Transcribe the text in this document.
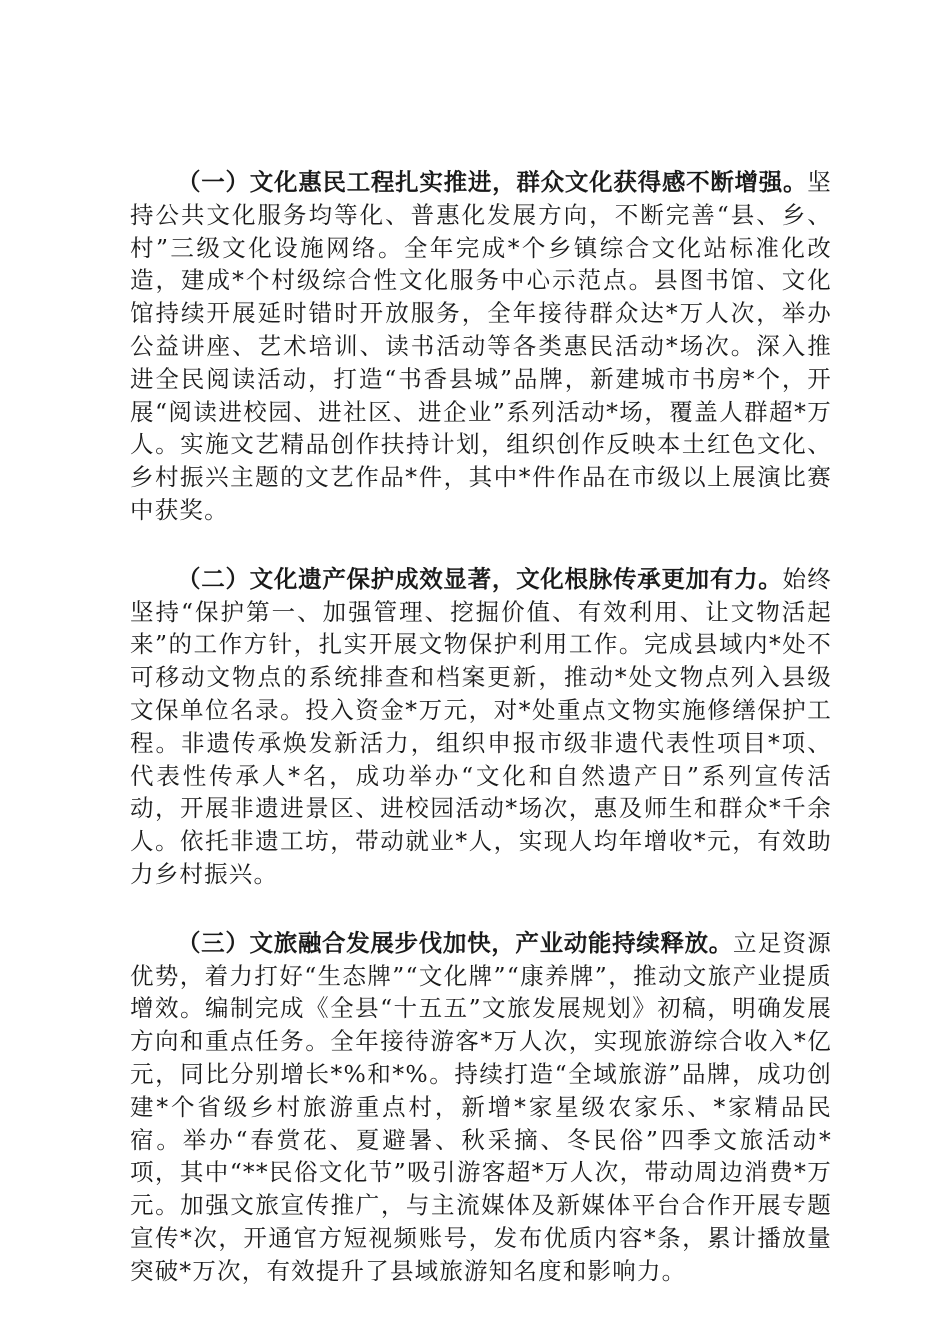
（一）文化惠民工程扎实推进，群众文化获得感不断增强。坚持公共文化服务均等化、普惠化发展方向，不断完善“县、乡、村”三级文化设施网络。全年完成*个乡镇综合文化站标准化改造，建成*个村级综合性文化服务中心示范点。县图书馆、文化馆持续开展延时错时开放服务，全年接待群众达*万人次，举办公益讲座、艺术培训、读书活动等各类惠民活动*场次。深入推进全民阅读活动，打造“书香县城”品牌，新建城市书房*个，开展“阅读进校园、进社区、进企业”系列活动*场，覆盖人群超*万人。实施文艺精品创作扶持计划，组织创作反映本土红色文化、乡村振兴主题的文艺作品*件，其中*件作品在市级以上展演比赛中获奖。

（二）文化遗产保护成效显著，文化根脉传承更加有力。始终坚持“保护第一、加强管理、挖掘价值、有效利用、让文物活起来”的工作方针，扎实开展文物保护利用工作。完成县域内*处不可移动文物点的系统排查和档案更新，推动*处文物点列入县级文保单位名录。投入资金*万元，对*处重点文物实施修缮保护工程。非遗传承焕发新活力，组织申报市级非遗代表性项目*项、代表性传承人*名，成功举办“文化和自然遗产日”系列宣传活动，开展非遗进景区、进校园活动*场次，惠及师生和群众*千余人。依托非遗工坊，带动就业*人，实现人均年增收*元，有效助力乡村振兴。

（三）文旅融合发展步伐加快，产业动能持续释放。立足资源优势，着力打好“生态牌”“文化牌”“康养牌”，推动文旅产业提质增效。编制完成《全县“十五五”文旅发展规划》初稿，明确发展方向和重点任务。全年接待游客*万人次，实现旅游综合收入*亿元，同比分别增长*%和*%。持续打造“全域旅游”品牌，成功创建*个省级乡村旅游重点村，新增*家星级农家乐、*家精品民宿。举办“春赏花、夏避暑、秋采摘、冬民俗”四季文旅活动*项，其中“**民俗文化节”吸引游客超*万人次，带动周边消费*万元。加强文旅宣传推广，与主流媒体及新媒体平台合作开展专题宣传*次，开通官方短视频账号，发布优质内容*条，累计播放量突破*万次，有效提升了县域旅游知名度和影响力。
